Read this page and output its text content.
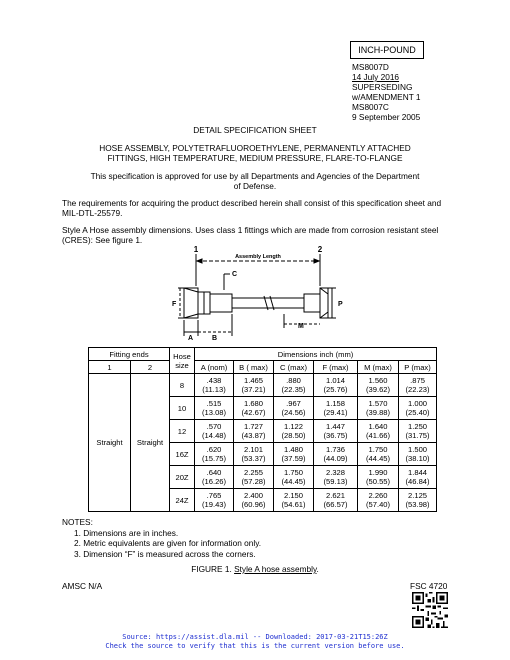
INCH-POUND
MS8007D
14 July 2016
SUPERSEDING
w/AMENDMENT 1
MS8007C
9 September 2005
DETAIL SPECIFICATION SHEET
HOSE ASSEMBLY, POLYTETRAFLUOROETHYLENE, PERMANENTLY ATTACHED
FITTINGS, HIGH TEMPERATURE, MEDIUM PRESSURE, FLARE-TO-FLANGE
This specification is approved for use by all Departments and Agencies of the Department
of Defense.
The requirements for acquiring the product described herein shall consist of this specification sheet and MIL-DTL-25579.
Style A Hose assembly dimensions. Uses class 1 fittings which are made from corrosion resistant steel (CRES): See figure 1.
1	2
Assembly Length
C
F	P
M
A	B
Fitting ends		Hose size	Dimensions inch (mm)					
1	2		A (nom)	B ( max)	C (max)	F (max)	M (max)	P (max)
Straight	Straight	8	.438
(11.13)	1.465
(37.21)	.880
(22.35)	1.014
(25.76)	1.560
(39.62)	.875
(22.23)
		10	.515
(13.08)	1.680
(42.67)	.967
(24.56)	1.158
(29.41)	1.570
(39.88)	1.000
(25.40)
		12	.570
(14.48)	1.727
(43.87)	1.122
(28.50)	1.447
(36.75)	1.640
(41.66)	1.250
(31.75)
		16Z	.620
(15.75)	2.101
(53.37)	1.480
(37.59)	1.736
(44.09)	1.750
(44.45)	1.500
(38.10)
		20Z	.640
(16.26)	2.255
(57.28)	1.750
(44.45)	2.328
(59.13)	1.990
(50.55)	1.844
(46.84)
		24Z	.765
(19.43)	2.400
(60.96)	2.150
(54.61)	2.621
(66.57)	2.260
(57.40)	2.125
(53.98)
NOTES:
1. Dimensions are in inches.
2. Metric equivalents are given for information only.
3. Dimension “F” is measured across the corners.
FIGURE 1. Style A hose assembly.
AMSC N/A	FSC 4720
Source: https://assist.dla.mil -- Downloaded: 2017-03-21T15:26Z
Check the source to verify that this is the current version before use.
